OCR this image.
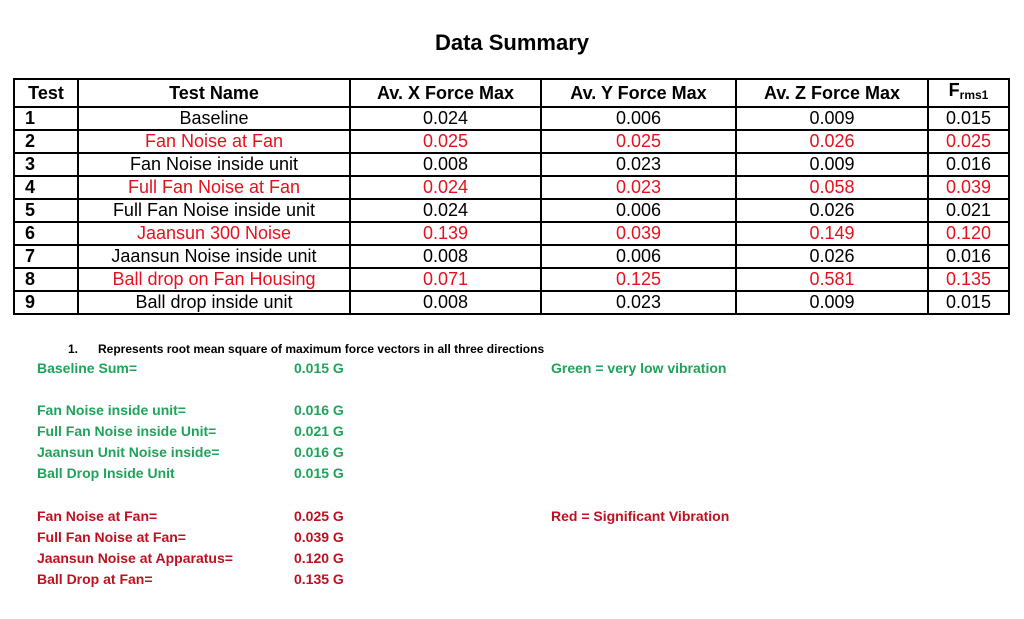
Data Summary
Test	Test Name	Av. X Force Max	Av. Y Force Max	Av. Z Force Max	$F_{rms1}$
1	Baseline	0.024	0.006	0.009	0.015
2	Fan Noise at Fan	0.025	0.025	0.026	0.025
3	Fan Noise inside unit	0.008	0.023	0.009	0.016
4	Full Fan Noise at Fan	0.024	0.023	0.058	0.039
5	Full Fan Noise inside unit	0.024	0.006	0.026	0.021
6	Jaansun 300 Noise	0.139	0.039	0.149	0.120
7	Jaansun Noise inside unit	0.008	0.006	0.026	0.016
8	Ball drop on Fan Housing	0.071	0.125	0.581	0.135
9	Ball drop inside unit	0.008	0.023	0.009	0.015
1. Represents root mean square of maximum force vectors in all three directions
Baseline Sum=	0.015 G	Green = very low vibration
Fan Noise inside unit=	0.016 G
Full Fan Noise inside Unit=	0.021 G
Jaansun Unit Noise inside=	0.016 G
Ball Drop Inside Unit	0.015 G
Red = Significant Vibration
Fan Noise at Fan=	0.025 G
Full Fan Noise at Fan=	0.039 G
Jaansun Noise at Apparatus=	0.120 G
Ball Drop at Fan=	0.135 G
